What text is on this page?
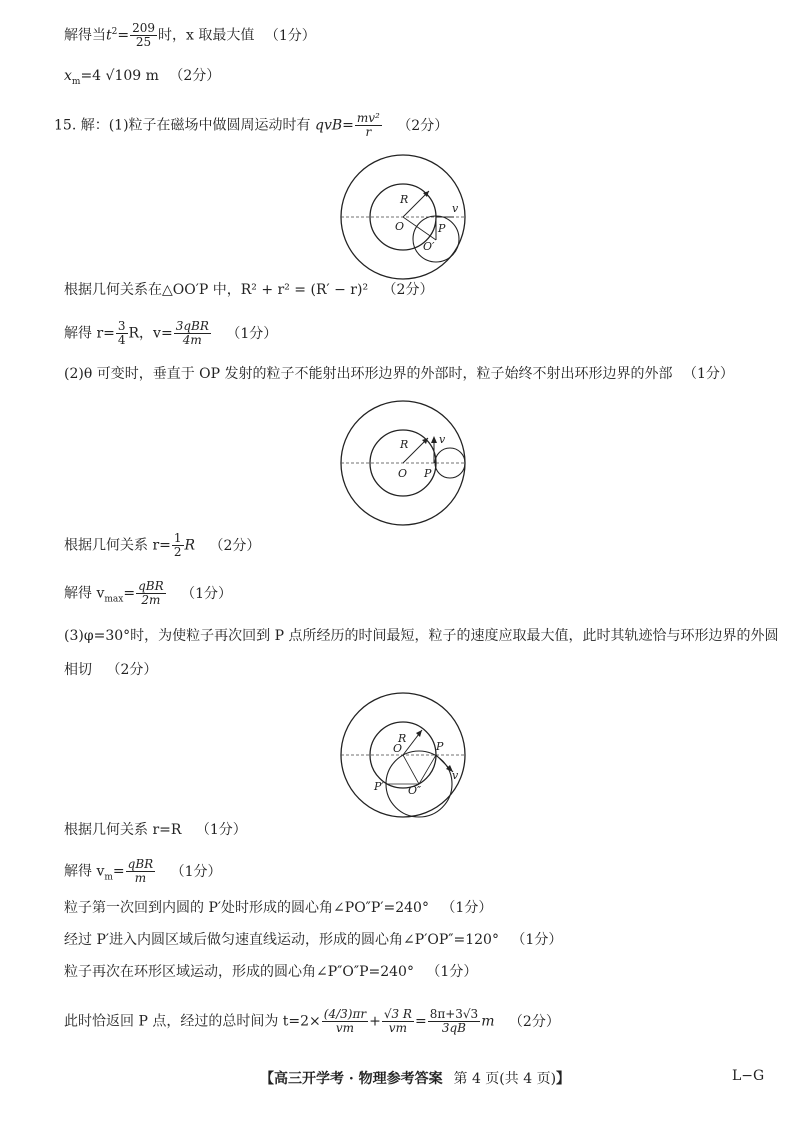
解得当$t^2= \frac{209}{25}$ 时，x 取最大值 （1分）
$x_m=4$ √109 m （2分）
15. 解：(1)粒子在磁场中做圆周运动时有 $qvB= \frac{\text{mv²}}{r} (2$分）
R
v
O	P
O′
根据几何关系在△OO′P 中，R² + r² = (R′ − r)² （2分）
解得 $r= \frac{3}{4}$ R，$v= \frac{\text{3qBR}}{4m} (1$分）
(2)θ 可变时，垂直于 OP 发射的粒子不能射出环形边界的外部时，粒子始终不射出环形边界的外部 （1分）
R	v
O P
根据几何关系 $r= \frac{1}{2}$ R （2分）
解得 $v_{max}= \frac{\text{qBR}}{2m} (1$分）
(3)φ=30°时，为使粒子再次回到 P 点所经历的时间最短，粒子的速度应取最大值，此时其轨迹恰与环形边界的外圆
相切 （2分）
R
O	P
v
P′ O″
根据几何关系 r=R （1分）
解得 $v_m= \frac{\text{qBR}}{m} (1$分）
粒子第一次回到内圆的 P′处时形成的圆心角∠PO″P′=240° （1分）
经过 P′进入内圆区域后做匀速直线运动，形成的圆心角∠P′OP″=120° （1分）
粒子再次在环形区域运动，形成的圆心角∠P″O″P=240° （1分）
此时恰返回 P 点，经过的总时间为 $t=2\times \frac{(4/3)\pi r}{vm} + \frac{√3 R}{vm} = \frac{8\pi+3√3}{3qB}$ m （2分）
【高三开学考 · 物理参考答案 第 4 页(共 4 页)】	L−G
